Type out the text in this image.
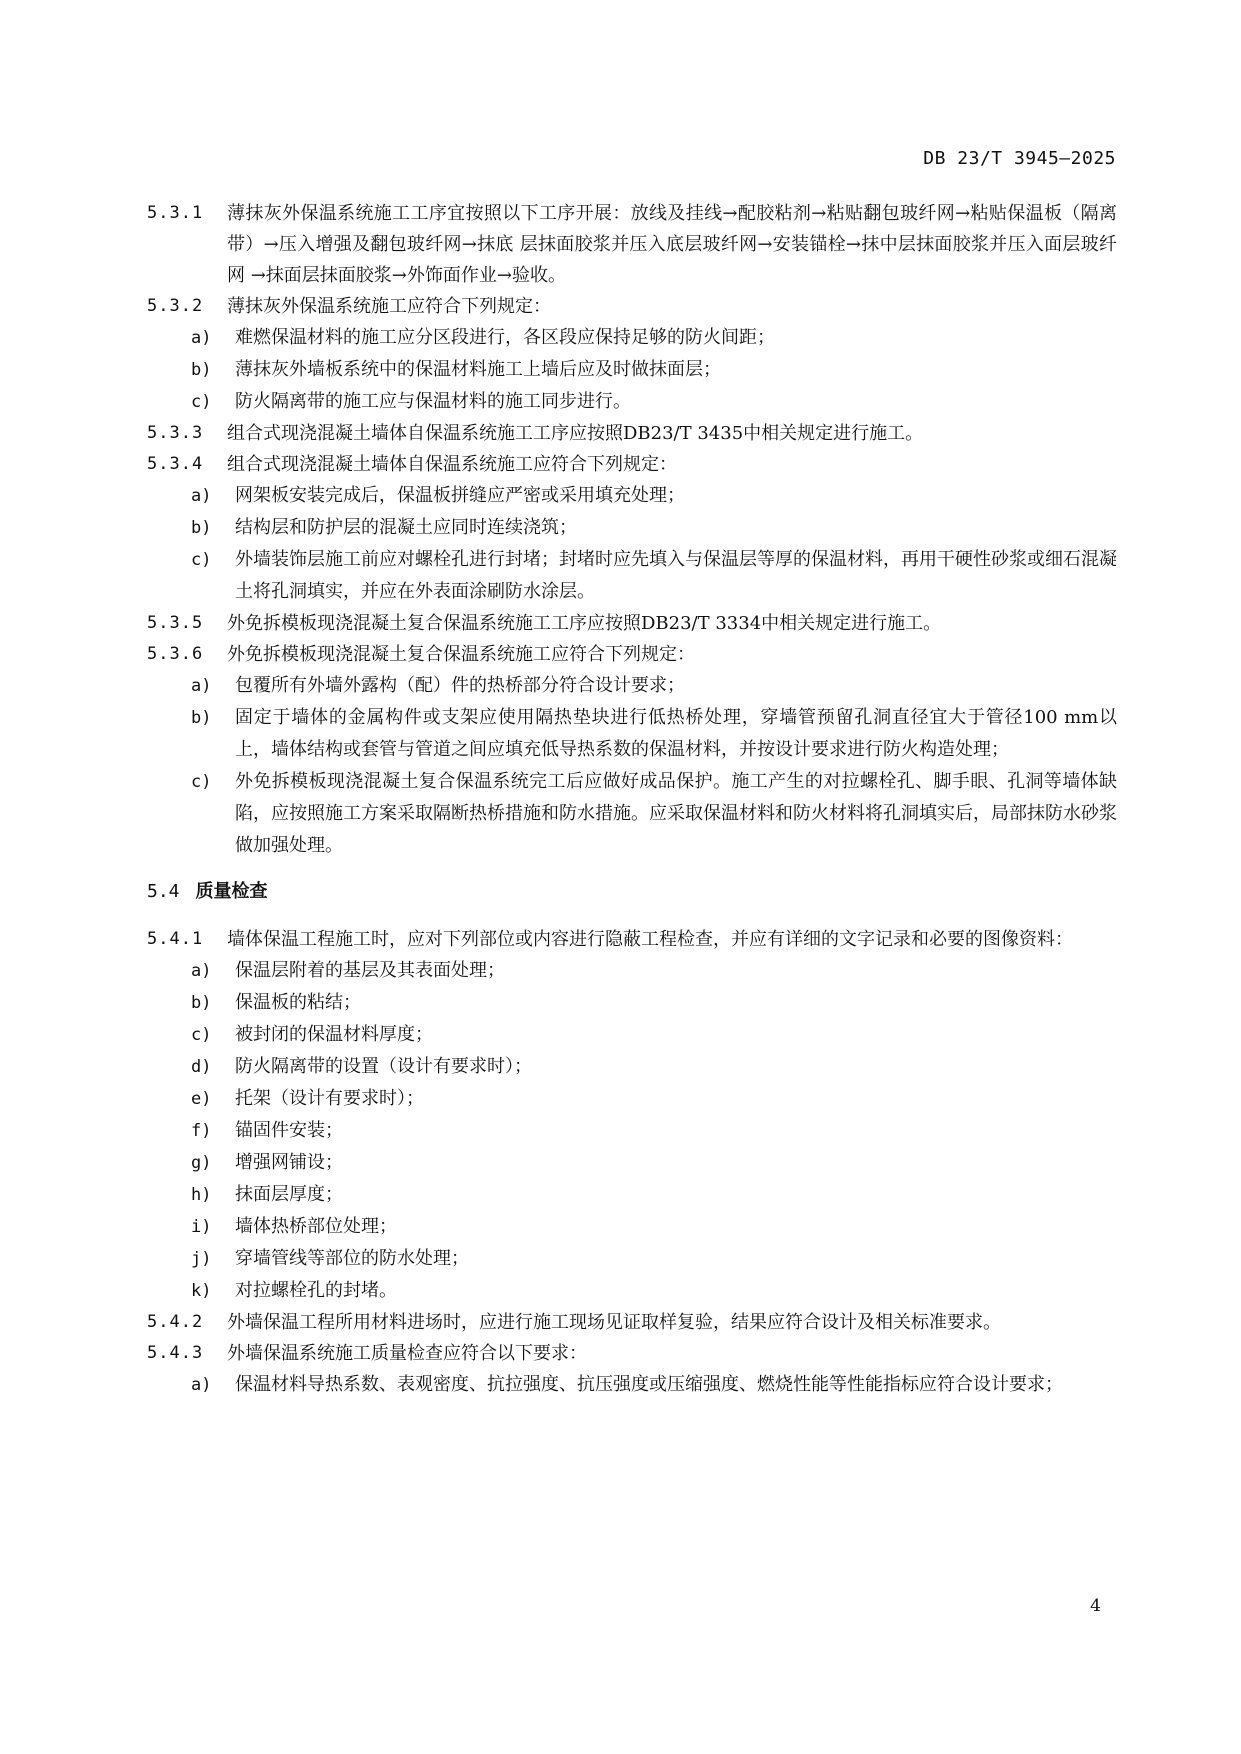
DB 23/T 3945—2025
5.3.1 薄抹灰外保温系统施工工序宜按照以下工序开展：放线及挂线→配胶粘剂→粘贴翻包玻纤网→粘贴保温板（隔离带）→压入增强及翻包玻纤网→抹底 层抹面胶浆并压入底层玻纤网→安装锚栓→抹中层抹面胶浆并压入面层玻纤网 →抹面层抹面胶浆→外饰面作业→验收。
5.3.2 薄抹灰外保温系统施工应符合下列规定：
a) 难燃保温材料的施工应分区段进行，各区段应保持足够的防火间距；
b) 薄抹灰外墙板系统中的保温材料施工上墙后应及时做抹面层；
c) 防火隔离带的施工应与保温材料的施工同步进行。
5.3.3 组合式现浇混凝土墙体自保温系统施工工序应按照DB23/T 3435中相关规定进行施工。
5.3.4 组合式现浇混凝土墙体自保温系统施工应符合下列规定：
a) 网架板安装完成后，保温板拼缝应严密或采用填充处理；
b) 结构层和防护层的混凝土应同时连续浇筑；
c) 外墙装饰层施工前应对螺栓孔进行封堵；封堵时应先填入与保温层等厚的保温材料，再用干硬性砂浆或细石混凝土将孔洞填实，并应在外表面涂刷防水涂层。
5.3.5 外免拆模板现浇混凝土复合保温系统施工工序应按照DB23/T 3334中相关规定进行施工。
5.3.6 外免拆模板现浇混凝土复合保温系统施工应符合下列规定：
a) 包覆所有外墙外露构（配）件的热桥部分符合设计要求；
b) 固定于墙体的金属构件或支架应使用隔热垫块进行低热桥处理，穿墙管预留孔洞直径宜大于管径100 mm以上，墙体结构或套管与管道之间应填充低导热系数的保温材料，并按设计要求进行防火构造处理；
c) 外免拆模板现浇混凝土复合保温系统完工后应做好成品保护。施工产生的对拉螺栓孔、脚手眼、孔洞等墙体缺陷，应按照施工方案采取隔断热桥措施和防水措施。应采取保温材料和防火材料将孔洞填实后，局部抹防水砂浆做加强处理。
5.4 质量检查
5.4.1 墙体保温工程施工时，应对下列部位或内容进行隐蔽工程检查，并应有详细的文字记录和必要的图像资料：
a) 保温层附着的基层及其表面处理；
b) 保温板的粘结；
c) 被封闭的保温材料厚度；
d) 防火隔离带的设置（设计有要求时）；
e) 托架（设计有要求时）；
f) 锚固件安装；
g) 增强网铺设；
h) 抹面层厚度；
i) 墙体热桥部位处理；
j) 穿墙管线等部位的防水处理；
k) 对拉螺栓孔的封堵。
5.4.2 外墙保温工程所用材料进场时，应进行施工现场见证取样复验，结果应符合设计及相关标准要求。
5.4.3 外墙保温系统施工质量检查应符合以下要求：
a) 保温材料导热系数、表观密度、抗拉强度、抗压强度或压缩强度、燃烧性能等性能指标应符合设计要求；
4
